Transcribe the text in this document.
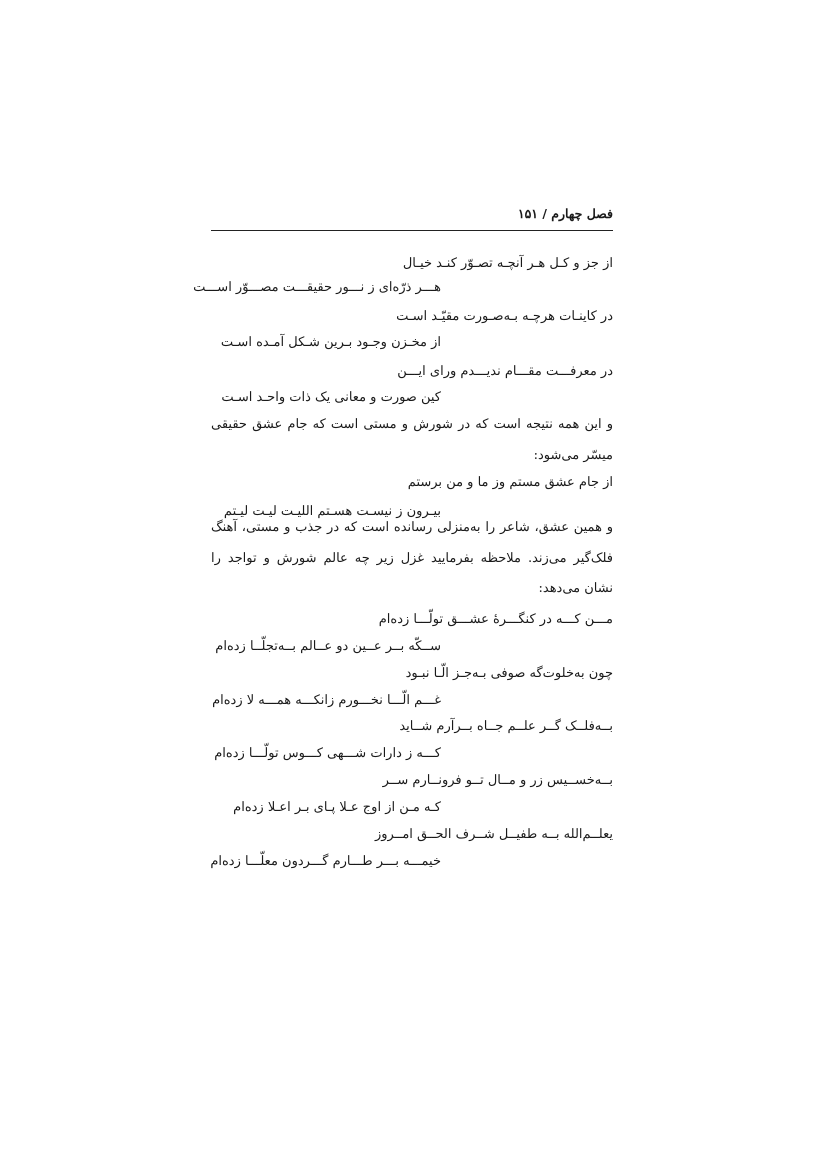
فصل چهارم / ۱۵۱
از جز و کـل هـر آنچـه تصـوّر کنـد خیـال
هـــر ذرّه‌ای ز نـــور حقیقـــت مصـــوّر اســـت
در کاینـات هرچـه بـه‌صـورت مقیّـد اسـت
از مخـزن وجـود بـرین شـکل آمـده اسـت
در معرفـــت مقـــام ندیـــدم ورای ایـــن
کین صورت و معانی یک ذات واحـد اسـت
و این همه نتیجه است که در شورش و مستی است که جام عشق حقیقی میسّر می‌شود:
از جام عشق مستم وز ما و من برستم
بیـرون ز نیسـت هسـتم اللیـت لیـت لیـتم
و همین عشق، شاعر را به‌منزلی رسانده است که در جذب و مستی، آهنگ فلک‌گیر می‌زند. ملاحظه بفرمایید غزل زیر چه عالم شورش و تواجد را نشان می‌دهد:
مـــن کـــه در کنگـــرهٔ عشـــق تولّـــا زده‌ام
ســکّه بــر عــین دو عــالم بــه‌تجلّــا زده‌ام
چون به‌خلوت‌گه صوفی بـه‌جـز الّـا نبـود
غـــم الّـــا نخـــورم زانکـــه همـــه لا زده‌ام
بــه‌فلــک گــر علــم جــاه بــرآرم شــاید
کـــه ز دارات شـــهی کـــوس تولّـــا زده‌ام
بــه‌خســیس زر و مــال تــو فرونــارم ســر
کـه مـن از اوج عـلا پـای بـر اعـلا زده‌ام
یعلــم‌الله بــه طفیــل شــرف الحــق امــروز
خیمـــه بـــر طـــارم گـــردون معلّـــا زده‌ام
